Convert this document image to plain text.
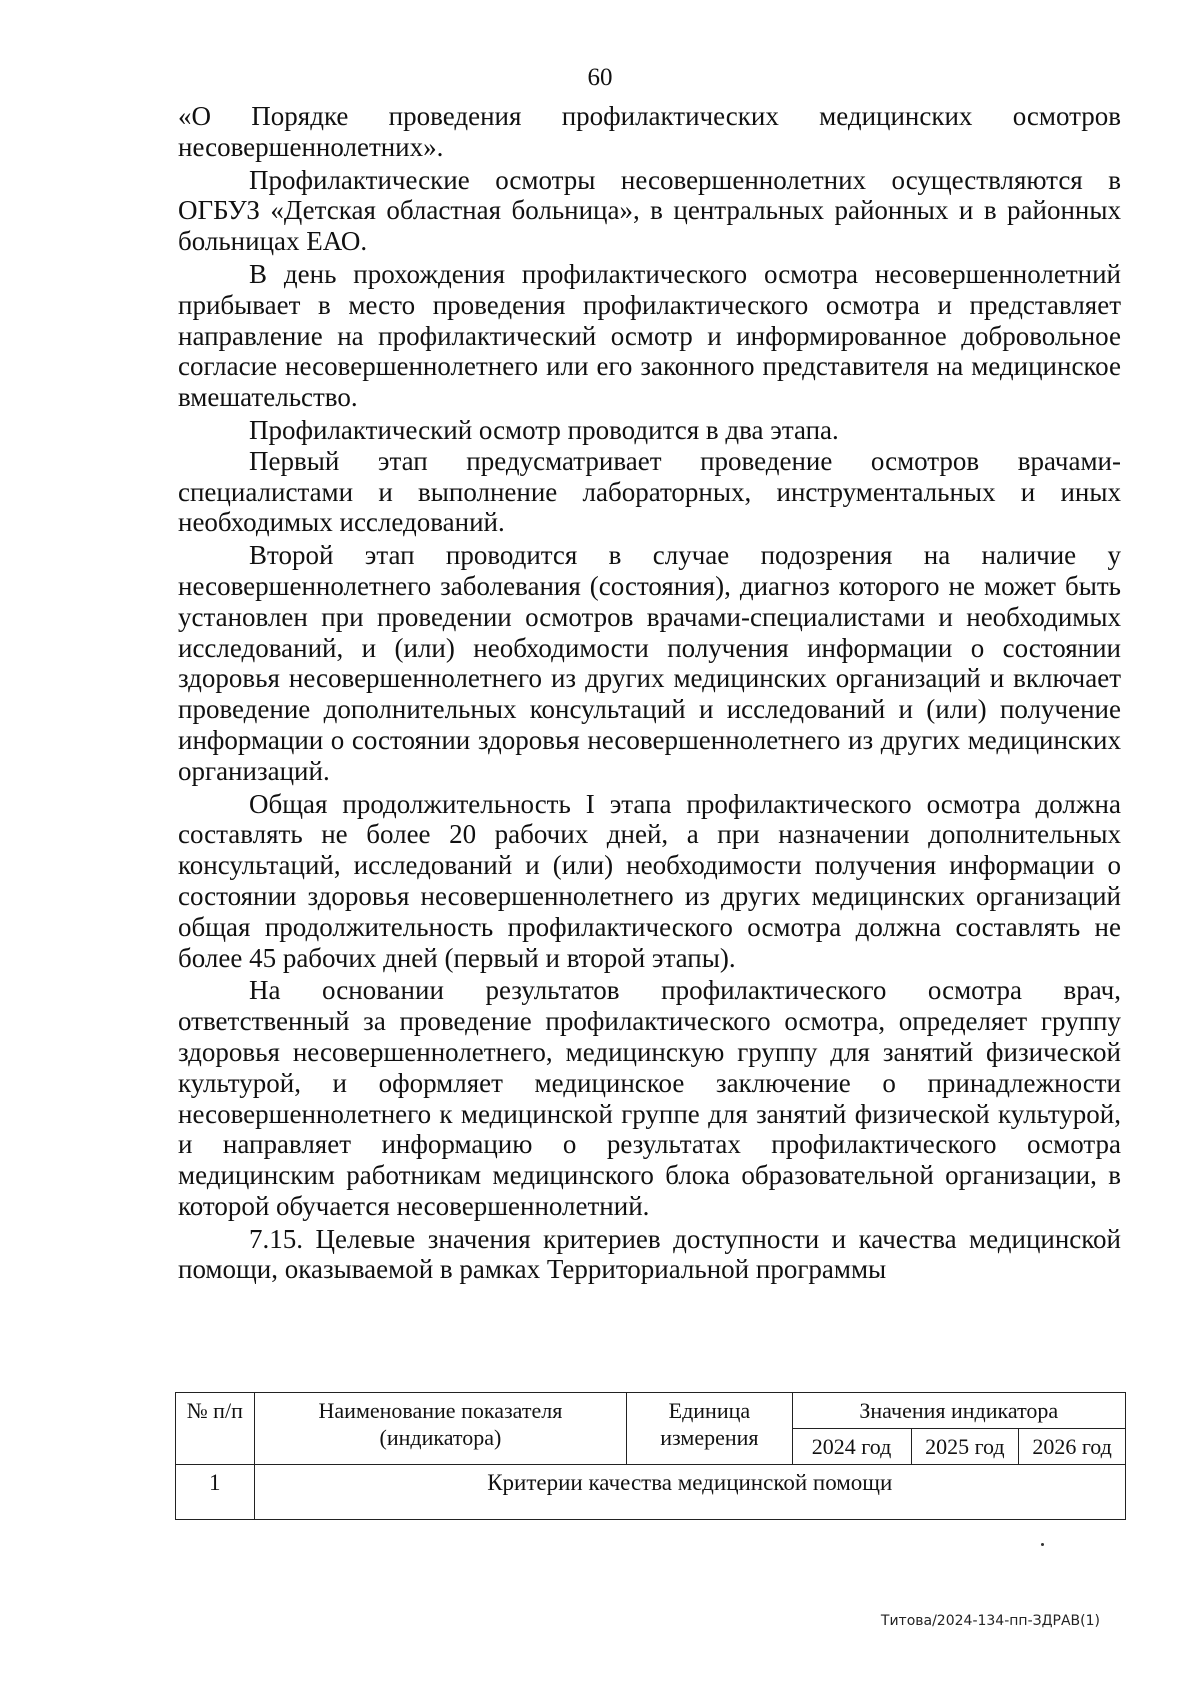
60

«О Порядке проведения профилактических медицинских осмотров несовершеннолетних».

Профилактические осмотры несовершеннолетних осуществляются в ОГБУЗ «Детская областная больница», в центральных районных и в районных больницах ЕАО.

В день прохождения профилактического осмотра несовершеннолетний прибывает в место проведения профилактического осмотра и представляет направление на профилактический осмотр и информированное добровольное согласие несовершеннолетнего или его законного представителя на медицинское вмешательство.

Профилактический осмотр проводится в два этапа.

Первый этап предусматривает проведение осмотров врачами-специалистами и выполнение лабораторных, инструментальных и иных необходимых исследований.

Второй этап проводится в случае подозрения на наличие у несовершеннолетнего заболевания (состояния), диагноз которого не может быть установлен при проведении осмотров врачами-специалистами и необходимых исследований, и (или) необходимости получения информации о состоянии здоровья несовершеннолетнего из других медицинских организаций и включает проведение дополнительных консультаций и исследований и (или) получение информации о состоянии здоровья несовершеннолетнего из других медицинских организаций.

Общая продолжительность I этапа профилактического осмотра должна составлять не более 20 рабочих дней, а при назначении дополнительных консультаций, исследований и (или) необходимости получения информации о состоянии здоровья несовершеннолетнего из других медицинских организаций общая продолжительность профилактического осмотра должна составлять не более 45 рабочих дней (первый и второй этапы).

На основании результатов профилактического осмотра врач, ответственный за проведение профилактического осмотра, определяет группу здоровья несовершеннолетнего, медицинскую группу для занятий физической культурой, и оформляет медицинское заключение о принадлежности несовершеннолетнего к медицинской группе для занятий физической культурой, и направляет информацию о результатах профилактического осмотра медицинским работникам медицинского блока образовательной организации, в которой обучается несовершеннолетний.

7.15. Целевые значения критериев доступности и качества медицинской помощи, оказываемой в рамках Территориальной программы

№ п/п	Наименование показателя (индикатора)	Единица измерения	Значения индикатора		
			2024 год	2025 год	2026 год
1	Критерии качества медицинской помощи				
Титова/2024-134-пп-ЗДРАВ(1)
